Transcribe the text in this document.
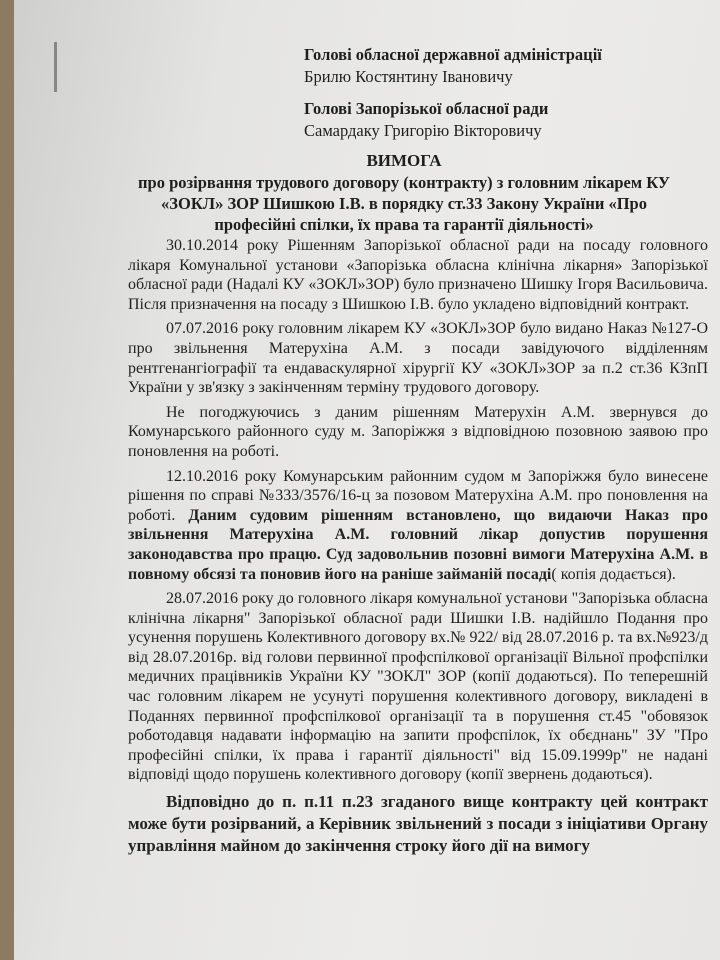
Голові обласної державної адміністрації
Брилю Костянтину Івановичу
Голові Запорізької обласної ради
Самардаку Григорію Вікторовичу
ВИМОГА
про розірвання трудового договору (контракту) з головним лікарем КУ «ЗОКЛ» ЗОР Шишкою І.В. в порядку ст.33 Закону України «Про професійні спілки, їх права та гарантії діяльності»

30.10.2014 року Рішенням Запорізької обласної ради на посаду головного лікаря Комунальної установи «Запорізька обласна клінічна лікарня» Запорізької обласної ради (Надалі КУ «ЗОКЛ»ЗОР) було призначено Шишку Ігоря Васильовича. Після призначення на посаду з Шишкою І.В. було укладено відповідний контракт.

07.07.2016 року головним лікарем КУ «ЗОКЛ»ЗОР було видано Наказ №127-О про звільнення Матерухіна А.М. з посади завідуючого відділенням рентгенангіографії та ендаваскулярної хірургії КУ «ЗОКЛ»ЗОР за п.2 ст.36 КЗпП України у зв'язку з закінченням терміну трудового договору.

Не погоджуючись з даним рішенням Матерухін А.М. звернувся до Комунарського районного суду м. Запоріжжя з відповідною позовною заявою про поновлення на роботі.

12.10.2016 року Комунарським районним судом м Запоріжжя було винесене рішення по справі №333/3576/16-ц за позовом Матерухіна А.М. про поновлення на роботі. Даним судовим рішенням встановлено, що видаючи Наказ про звільнення Матерухіна А.М. головний лікар допустив порушення законодавства про працю. Суд задовольнив позовні вимоги Матерухіна А.М. в повному обсязі та поновив його на раніше займаній посаді( копія додається).

28.07.2016 року до головного лікаря комунальної установи "Запорізька обласна клінічна лікарня" Запорізької обласної ради Шишки І.В. надійшло Подання про усунення порушень Колективного договору вх.№ 922/ від 28.07.2016 р. та вх.№923/д від 28.07.2016р. від голови первинної профспілкової організації Вільної профспілки медичних працівників України КУ "ЗОКЛ" ЗОР (копії додаються). По теперешній час головним лікарем не усунуті порушення колективного договору, викладені в Поданнях первинної профспілкової організації та в порушення ст.45 "обовязок роботодавця надавати інформацію на запити профспілок, їх обєднань" ЗУ "Про професійні спілки, їх права і гарантії діяльності" від 15.09.1999р" не надані відповіді щодо порушень колективного договору (копії звернень додаються).

Відповідно до п. п.11 п.23 згаданого вище контракту цей контракт може бути розірваний, а Керівник звільнений з посади з ініціативи Органу управління майном до закінчення строку його дії на вимогу
